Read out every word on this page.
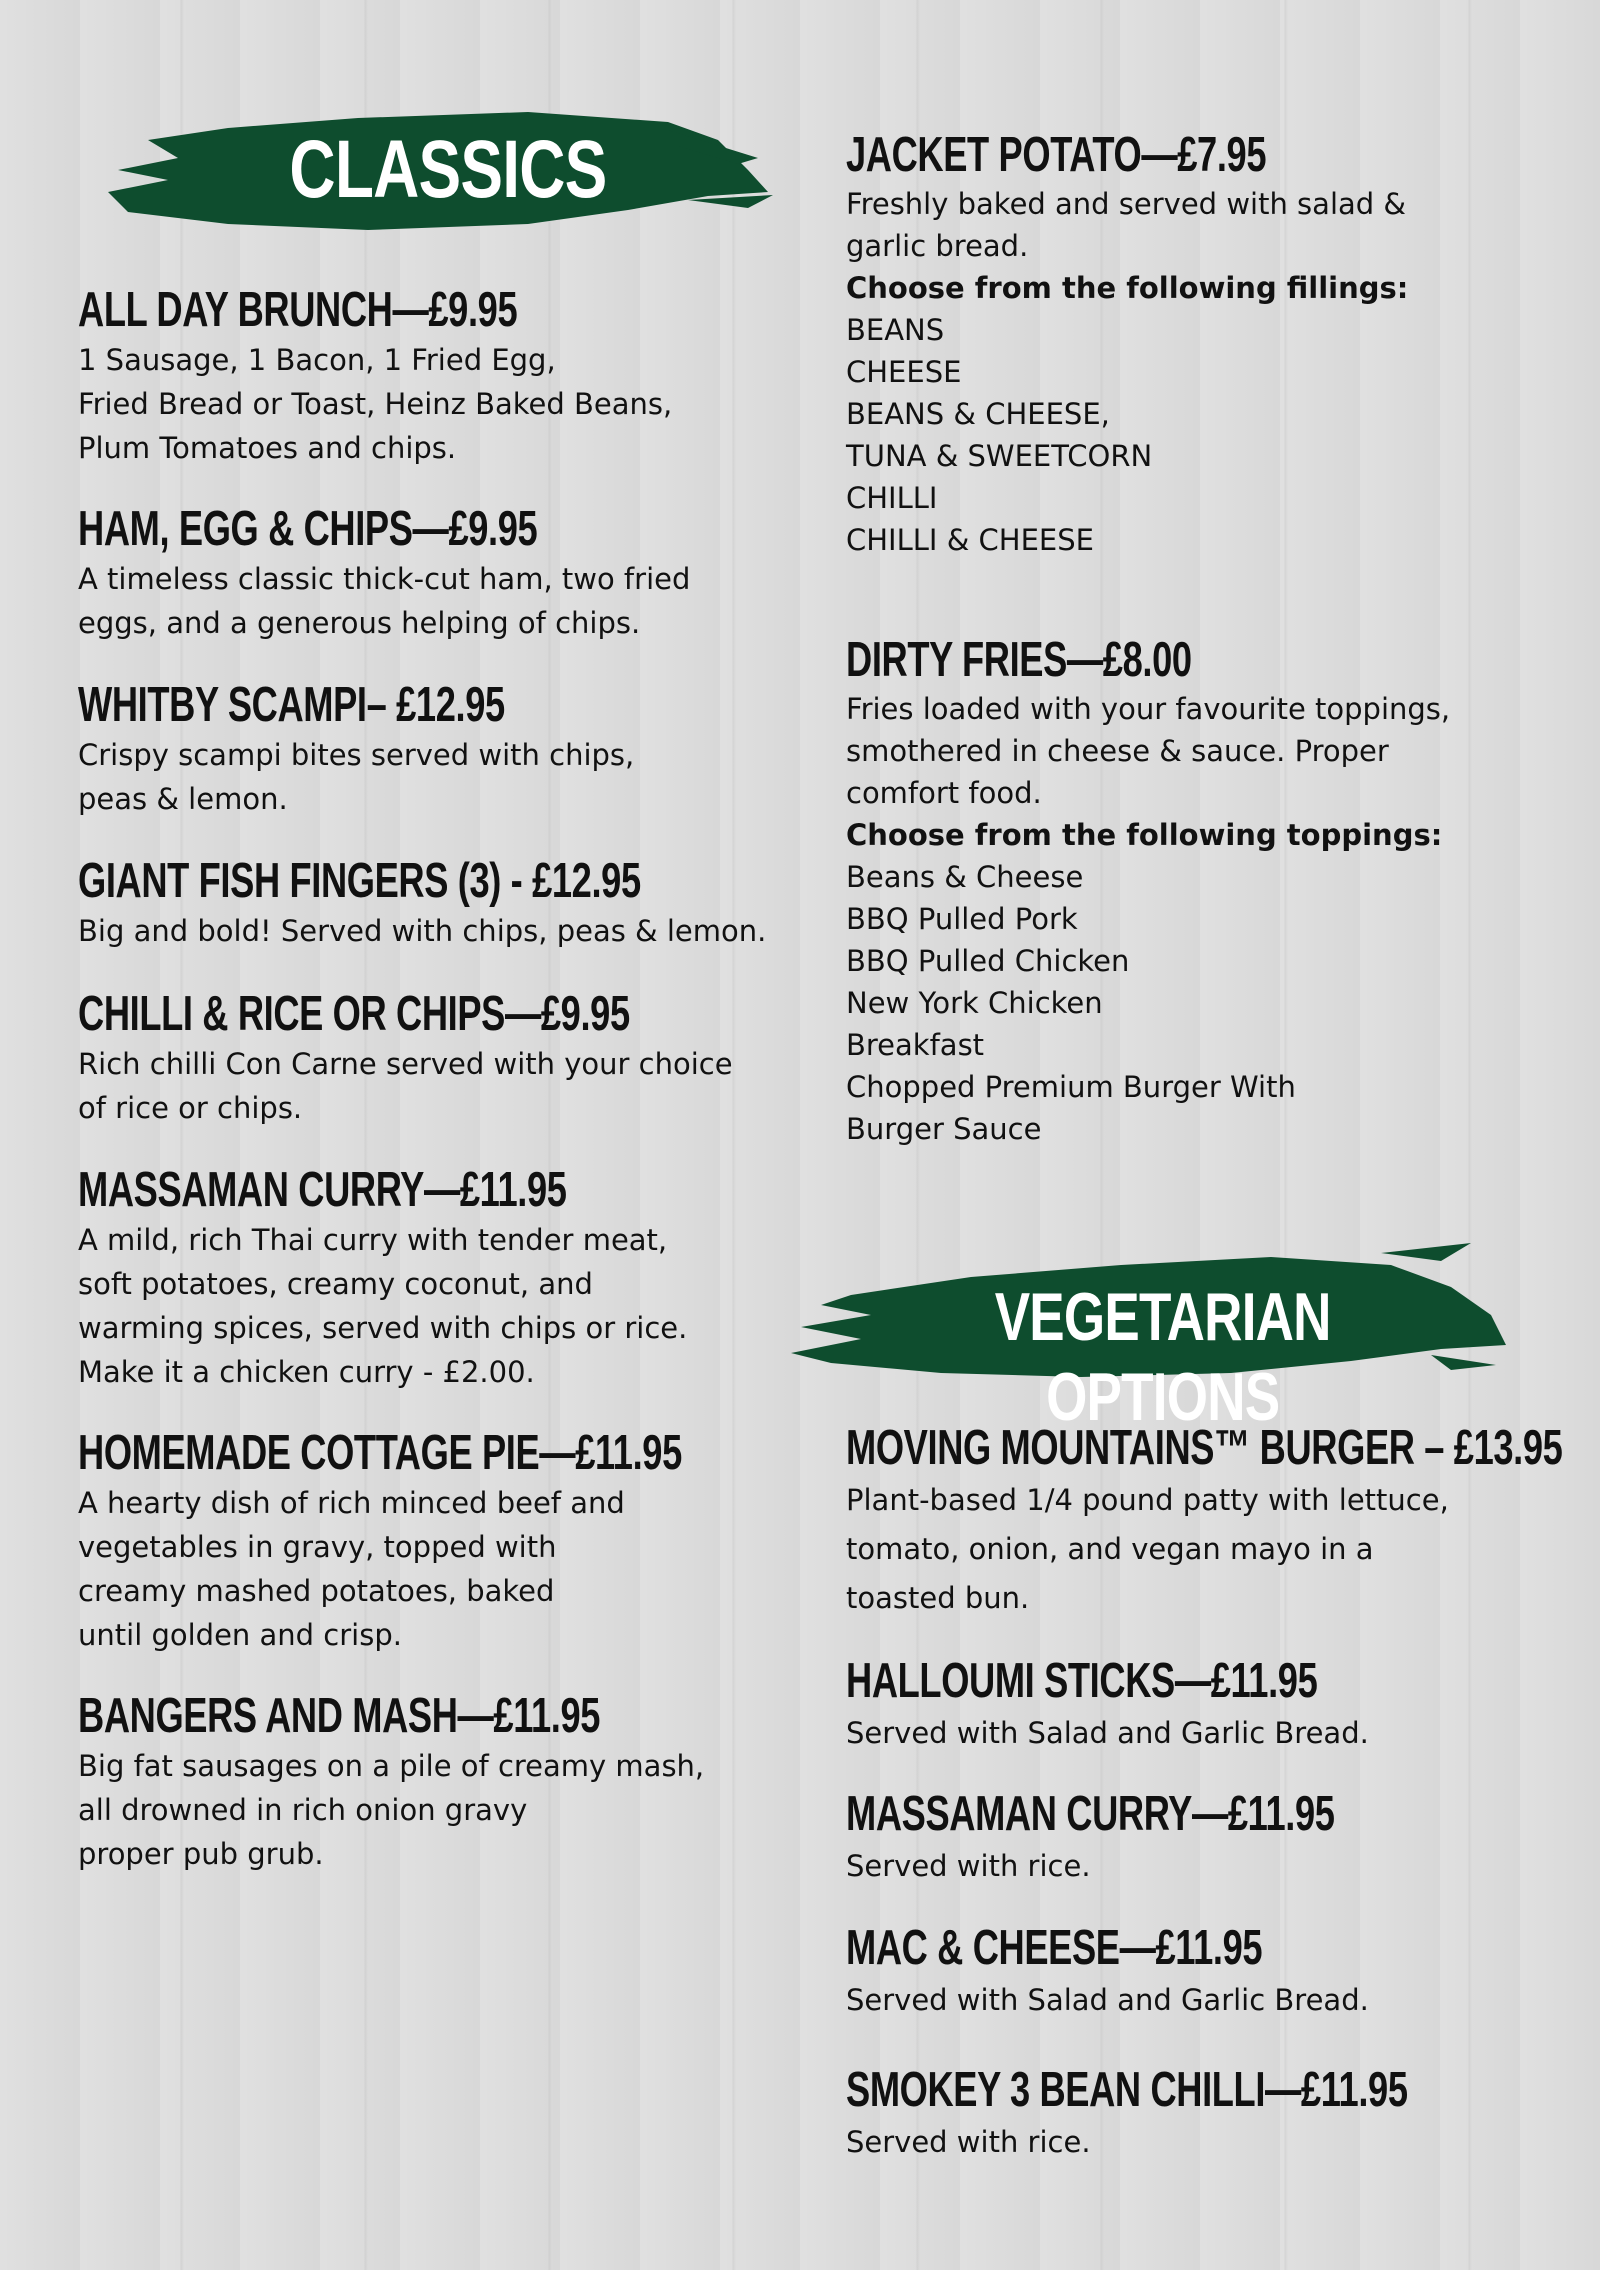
CLASSICS
ALL DAY BRUNCH—£9.95
1 Sausage, 1 Bacon, 1 Fried Egg,
Fried Bread or Toast, Heinz Baked Beans,
Plum Tomatoes and chips.
HAM, EGG & CHIPS—£9.95
A timeless classic thick-cut ham, two fried
eggs, and a generous helping of chips.
WHITBY SCAMPI– £12.95
Crispy scampi bites served with chips,
peas & lemon.
GIANT FISH FINGERS (3) - £12.95
Big and bold! Served with chips, peas & lemon.
CHILLI & RICE OR CHIPS—£9.95
Rich chilli Con Carne served with your choice
of rice or chips.
MASSAMAN CURRY—£11.95
A mild, rich Thai curry with tender meat,
soft potatoes, creamy coconut, and
warming spices, served with chips or rice.
Make it a chicken curry - £2.00.
HOMEMADE COTTAGE PIE—£11.95
A hearty dish of rich minced beef and
vegetables in gravy, topped with
creamy mashed potatoes, baked
until golden and crisp.
BANGERS AND MASH—£11.95
Big fat sausages on a pile of creamy mash,
all drowned in rich onion gravy
proper pub grub.
JACKET POTATO—£7.95
Freshly baked and served with salad &
garlic bread.
Choose from the following fillings:
BEANS
CHEESE
BEANS & CHEESE,
TUNA & SWEETCORN
CHILLI
CHILLI & CHEESE
DIRTY FRIES—£8.00
Fries loaded with your favourite toppings,
smothered in cheese & sauce. Proper
comfort food.
Choose from the following toppings:
Beans & Cheese
BBQ Pulled Pork
BBQ Pulled Chicken
New York Chicken
Breakfast
Chopped Premium Burger With
Burger Sauce
VEGETARIAN OPTIONS
MOVING MOUNTAINS™ BURGER – £13.95
Plant-based 1/4 pound patty with lettuce,
tomato, onion, and vegan mayo in a
toasted bun.
HALLOUMI STICKS—£11.95
Served with Salad and Garlic Bread.
MASSAMAN CURRY—£11.95
Served with rice.
MAC & CHEESE—£11.95
Served with Salad and Garlic Bread.
SMOKEY 3 BEAN CHILLI—£11.95
Served with rice.
